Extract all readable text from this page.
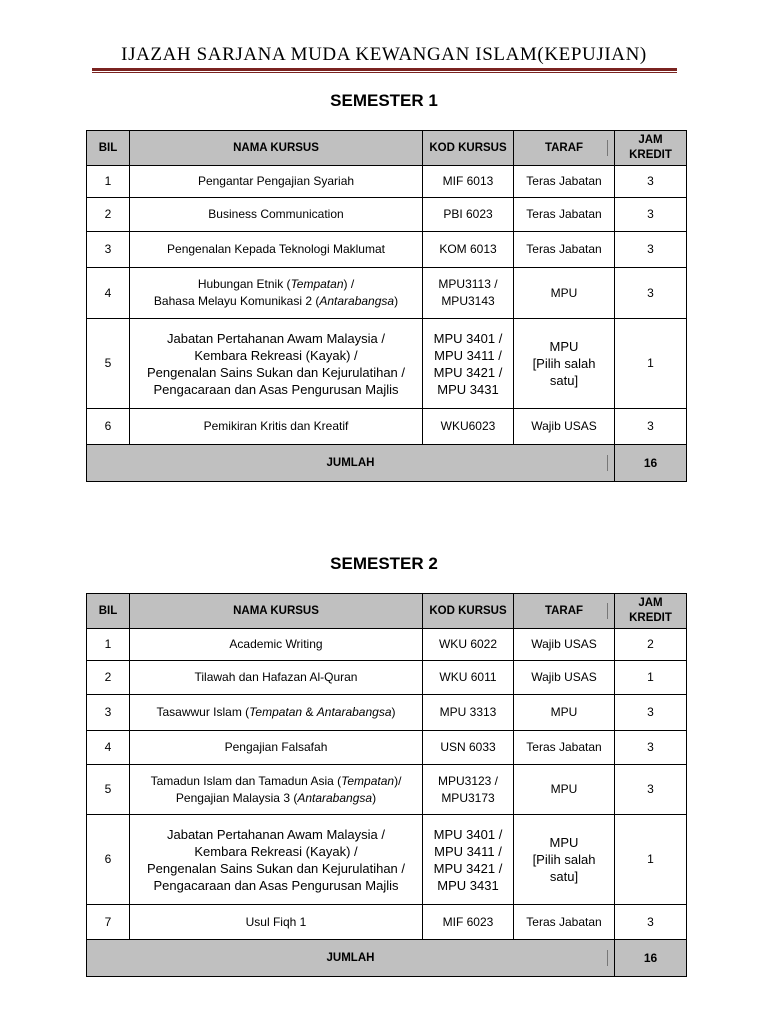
IJAZAH SARJANA MUDA KEWANGAN ISLAM(KEPUJIAN)
SEMESTER 1
BIL	NAMA KURSUS	KOD KURSUS	TARAF	JAM
KREDIT
1	Pengantar Pengajian Syariah	MIF 6013	Teras Jabatan	3
2	Business Communication	PBI 6023	Teras Jabatan	3
3	Pengenalan Kepada Teknologi Maklumat	KOM 6013	Teras Jabatan	3
4	Hubungan Etnik (Tempatan) /
Bahasa Melayu Komunikasi 2 (Antarabangsa)	MPU3113 /
MPU3143	MPU	3
5	Jabatan Pertahanan Awam Malaysia /
Kembara Rekreasi (Kayak) /
Pengenalan Sains Sukan dan Kejurulatihan /
Pengacaraan dan Asas Pengurusan Majlis	MPU 3401 /
MPU 3411 /
MPU 3421 /
MPU 3431	MPU
[Pilih salah
satu]	1
6	Pemikiran Kritis dan Kreatif	WKU6023	Wajib USAS	3
JUMLAH				16
SEMESTER 2
BIL	NAMA KURSUS	KOD KURSUS	TARAF	JAM
KREDIT
1	Academic Writing	WKU 6022	Wajib USAS	2
2	Tilawah dan Hafazan Al-Quran	WKU 6011	Wajib USAS	1
3	Tasawwur Islam (Tempatan & Antarabangsa)	MPU 3313	MPU	3
4	Pengajian Falsafah	USN 6033	Teras Jabatan	3
5	Tamadun Islam dan Tamadun Asia (Tempatan)/
Pengajian Malaysia 3 (Antarabangsa)	MPU3123 /
MPU3173	MPU	3
6	Jabatan Pertahanan Awam Malaysia /
Kembara Rekreasi (Kayak) /
Pengenalan Sains Sukan dan Kejurulatihan /
Pengacaraan dan Asas Pengurusan Majlis	MPU 3401 /
MPU 3411 /
MPU 3421 /
MPU 3431	MPU
[Pilih salah
satu]	1
7	Usul Fiqh 1	MIF 6023	Teras Jabatan	3
JUMLAH				16
